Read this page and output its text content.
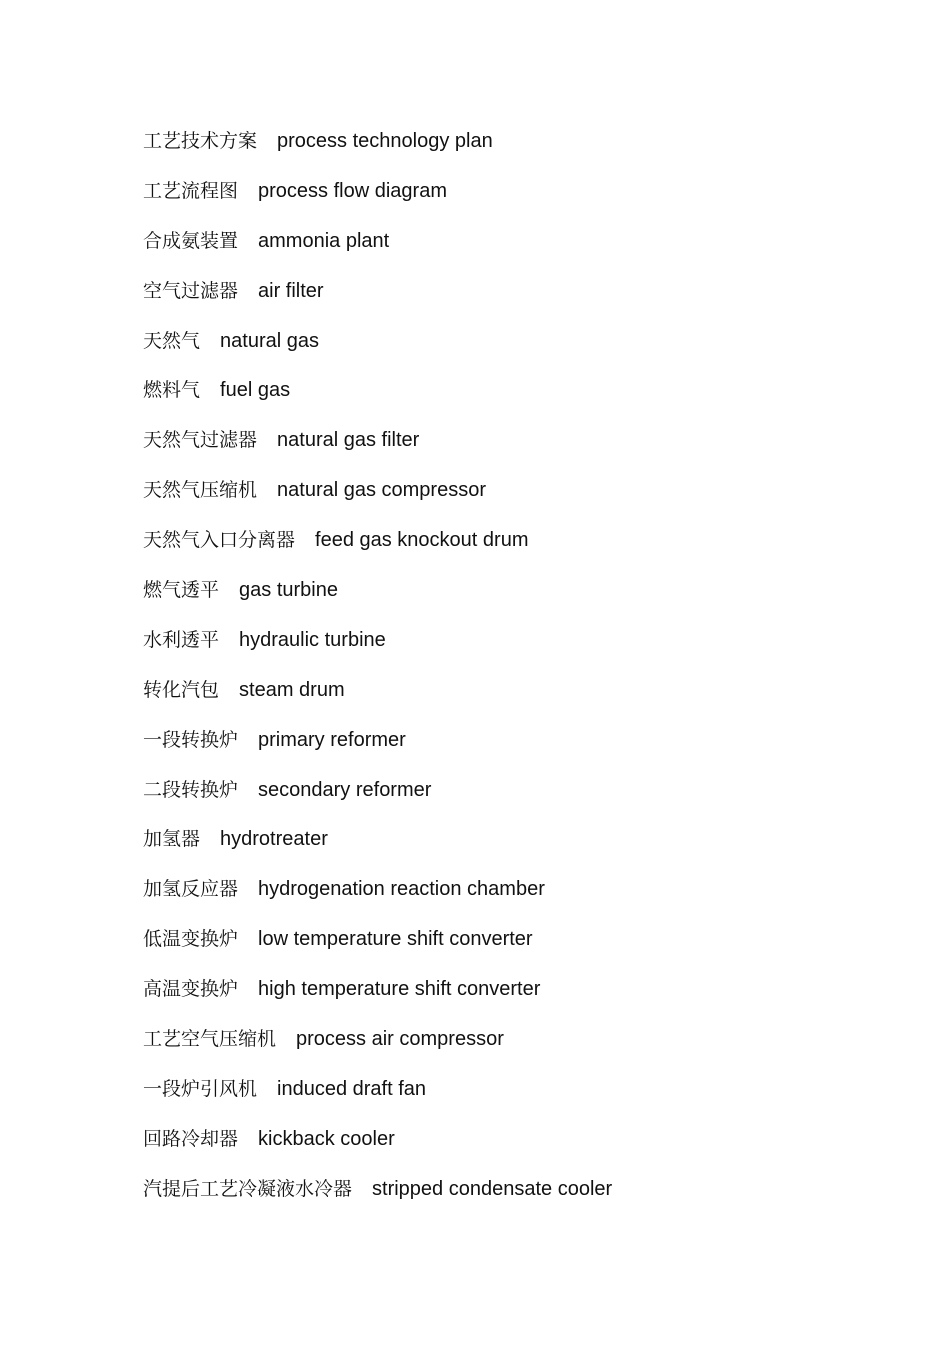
工艺技术方案 process technology plan
工艺流程图 process flow diagram
合成氨装置 ammonia plant
空气过滤器 air filter
天然气 natural gas
燃料气 fuel gas
天然气过滤器 natural gas filter
天然气压缩机 natural gas compressor
天然气入口分离器 feed gas knockout drum
燃气透平 gas turbine
水利透平 hydraulic turbine
转化汽包 steam drum
一段转换炉 primary reformer
二段转换炉 secondary reformer
加氢器 hydrotreater
加氢反应器 hydrogenation reaction chamber
低温变换炉 low temperature shift converter
高温变换炉 high temperature shift converter
工艺空气压缩机 process air compressor
一段炉引风机 induced draft fan
回路冷却器 kickback cooler
汽提后工艺冷凝液水冷器 stripped condensate cooler
